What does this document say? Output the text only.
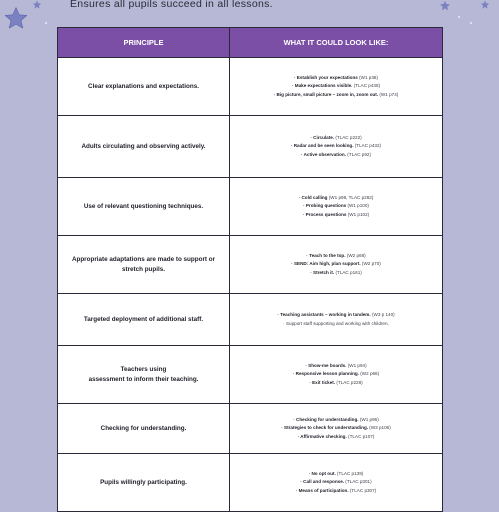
Ensures all pupils succeed in all lessons.
PRINCIPLE	WHAT IT COULD LOOK LIKE:
Clear explanations and expectations.	· Establish your expectations (W1 p38)
· Make expectations visible. (TLAC p438)
· Big picture, small picture – zoom in, zoom out. (W1 p74)

Adults circulating and observing actively.	· Circulate. (TLAC p222)
· Radar and be seen looking. (TLAC p432)
· Active observation. (TLAC p92)

Use of relevant questioning techniques.	· Cold calling (W1 p98, TLAC p282)
· Probing questions (W1 p100)
· Process questions (W1 p102)

Appropriate adaptations are made to support or
stretch pupils.	· Teach to the top. (W2 p68)
· SEND: Aim high, plan support. (W2 p70)
· Stretch it. (TLAC p161)

Targeted deployment of additional staff.	· Teaching assistants – working in tandem. (W3 p 140)
· Support staff supporting and working with children.

Teachers using
assessment to inform their teaching.	· Show-me boards. (W1 p94)
· Responsive lesson planning. (W2 p66)
· Exit ticket. (TLAC p228)

Checking for understanding.	· Checking for understanding. (W1 p96)
· Strategies to check for understanding. (W3 p106)
· Affirmative checking. (TLAC p107)

Pupils willingly participating.	· No opt out. (TLAC p139)
· Call and response. (TLAC p301)
· Means of participation. (TLAC p307)
